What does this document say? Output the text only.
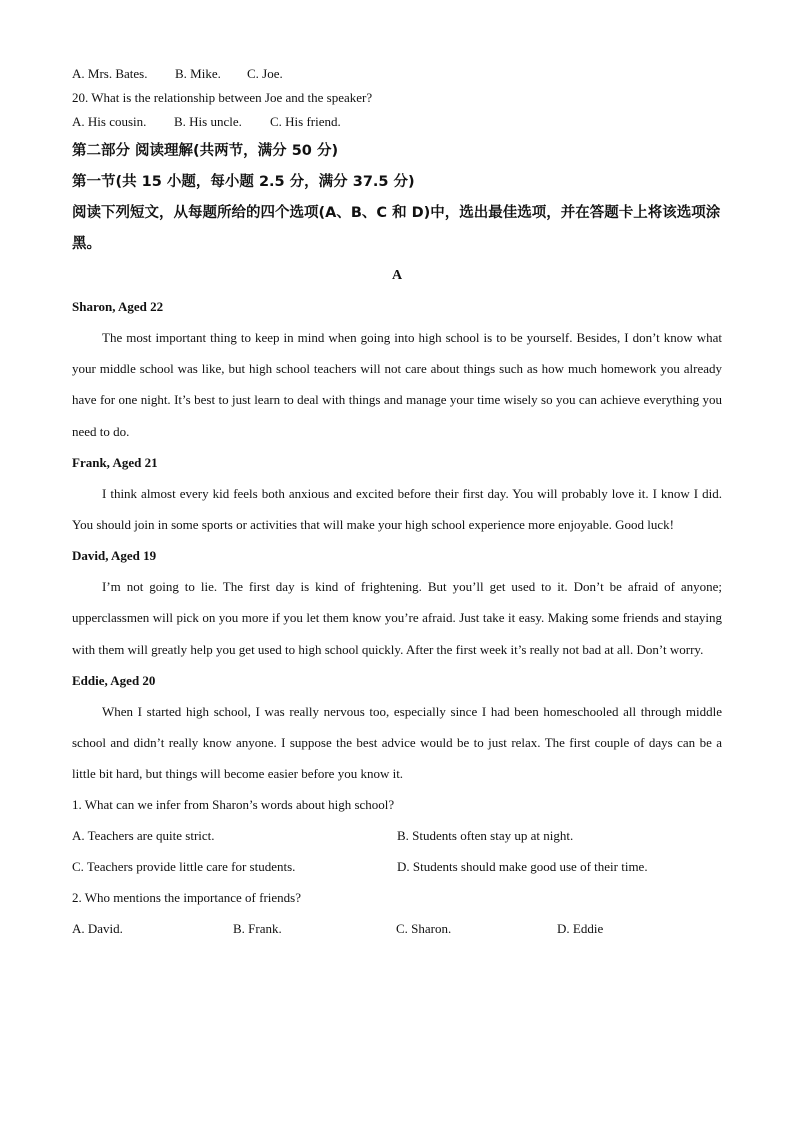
A. Mrs. Bates.	B. Mike.	C. Joe.
20. What is the relationship between Joe and the speaker?
A. His cousin.	B. His uncle.	C. His friend.
第二部分 阅读理解(共两节，满分 50 分)
第一节(共 15 小题，每小题 2.5 分，满分 37.5 分)
阅读下列短文，从每题所给的四个选项(A、B、C 和 D)中，选出最佳选项，并在答题卡上将该选项涂黑。
A
Sharon, Aged 22

The most important thing to keep in mind when going into high school is to be yourself. Besides, I don’t know what your middle school was like, but high school teachers will not care about things such as how much homework you already have for one night. It’s best to just learn to deal with things and manage your time wisely so you can achieve everything you need to do.

Frank, Aged 21

I think almost every kid feels both anxious and excited before their first day. You will probably love it. I know I did. You should join in some sports or activities that will make your high school experience more enjoyable. Good luck!

David, Aged 19

I’m not going to lie. The first day is kind of frightening. But you’ll get used to it. Don’t be afraid of anyone; upperclassmen will pick on you more if you let them know you’re afraid. Just take it easy. Making some friends and staying with them will greatly help you get used to high school quickly. After the first week it’s really not bad at all. Don’t worry.

Eddie, Aged 20

When I started high school, I was really nervous too, especially since I had been homeschooled all through middle school and didn’t really know anyone. I suppose the best advice would be to just relax. The first couple of days can be a little bit hard, but things will become easier before you know it.

1. What can we infer from Sharon’s words about high school?
A. Teachers are quite strict.	B. Students often stay up at night.
C. Teachers provide little care for students.	D. Students should make good use of their time.
2. Who mentions the importance of friends?
A. David.	B. Frank.	C. Sharon.	D. Eddie
